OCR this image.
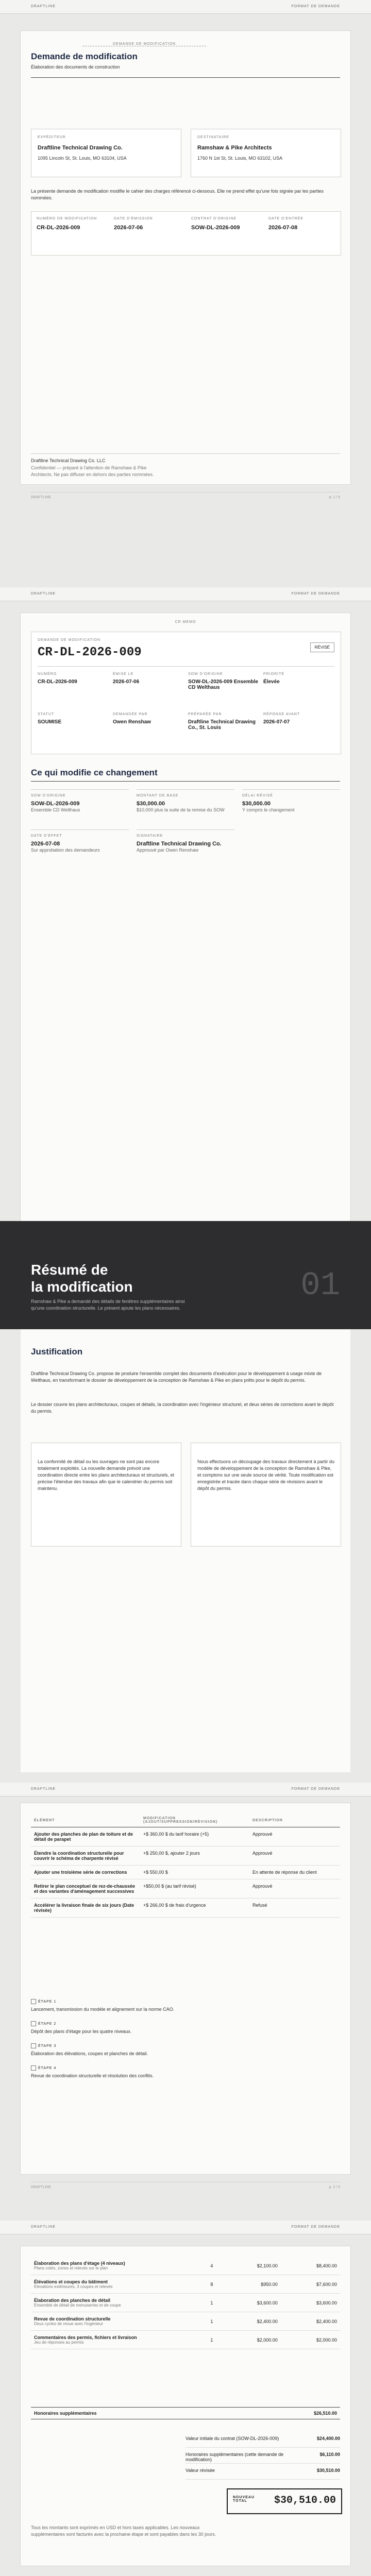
DRAFTLINE	FORMAT DE DEMANDE
DEMANDE DE MODIFICATION
Demande de modification
Élaboration des documents de construction
EXPÉDITEUR
Draftline Technical Drawing Co.
1095 Lincoln St, St. Louis, MO 63104, USA
DESTINATAIRE
Ramshaw & Pike Architects
1760 N 1st St, St. Louis, MO 63102, USA
La présente demande de modification modifie le cahier des charges référencé ci-dessous. Elle ne prend effet qu'une fois signée par les parties nommées.
NUMÉRO DE MODIFICATION
CR-DL-2026-009
DATE D'ÉMISSION
2026-07-06
CONTRAT D'ORIGINE
SOW-DL-2026-009
DATE D'ENTRÉE
2026-07-08
Draftline Technical Drawing Co. LLC
Confidentiel — préparé à l'attention de Ramshaw & Pike
Architects. Ne pas diffuser en dehors des parties nommées.
DRAFTLINE	p. 1 / 5
DRAFTLINE	FORMAT DE DEMANDE
CR MEMO
DEMANDE DE MODIFICATION
CR-DL-2026-009	RÉVISÉ
NUMÉRO
CR-DL-2026-009
ÉMISE LE
2026-07-06
SOW D'ORIGINE
SOW-DL-2026-009 Ensemble CD Welthaus
PRIORITÉ
Élevée
STATUT
SOUMISE
DEMANDÉE PAR
Owen Renshaw
PRÉPARÉE PAR
Draftline Technical Drawing Co., St. Louis
RÉPONSE AVANT
2026-07-07
Ce qui modifie ce changement
SOW D'ORIGINE
SOW-DL-2026-009
Ensemble CD Welthaus
MONTANT DE BASE
$30,000.00
$10,000 plus la suite de la remise du SOW
DÉLAI RÉVISÉ
$30,000.00
Y compris le changement
DATE D'EFFET
2026-07-08
Sur approbation des demandeurs
SIGNATAIRE
Draftline Technical Drawing Co.
Approuvé par Owen Renshaw
Résumé de
la modification
Ramshaw & Pike a demandé des détails de fenêtres supplémentaires ainsi qu'une coordination structurelle. Le présent ajoute les plans nécessaires.
01
Justification
Draftline Technical Drawing Co. propose de produire l'ensemble complet des documents d'exécution pour le développement à usage mixte de Welthaus, en transformant le dossier de développement de la conception de Ramshaw & Pike en plans prêts pour le dépôt du permis.
Le dossier couvre les plans architecturaux, coupes et détails, la coordination avec l'ingénieur structurel, et deux séries de corrections avant le dépôt du permis.
La conformité de détail ou les ouvrages ne sont pas encore totalement exploités. La nouvelle demande prévoit une coordination directe entre les plans architecturaux et structurels, et précise l'étendue des travaux afin que le calendrier du permis soit maintenu.
Nous effectuons un découpage des travaux directement à partir du modèle de développement de la conception de Ramshaw & Pike, et comptons sur une seule source de vérité. Toute modification est enregistrée et tracée dans chaque série de révisions avant le dépôt du permis.
DRAFTLINE	FORMAT DE DEMANDE
ÉLÉMENT	MODIFICATION (AJOUT/SUPPRESSION/RÉVISION)	DESCRIPTION
Ajouter des planches de plan de toiture et de détail de parapet	+$ 360,00 $ du tarif horaire (+5)	Approuvé
Étendre la coordination structurelle pour couvrir le schéma de charpente révisé	+$ 250,00 $, ajouter 2 jours	Approuvé
Ajouter une troisième série de corrections	+$ 550,00 $	En attente de réponse du client
Retirer le plan conceptuel de rez-de-chaussée et des variantes d'aménagement successives	+$50,00 $ (au tarif révisé)	Approuvé
Accélérer la livraison finale de six jours (Date révisée)	+$ 266,00 $ de frais d'urgence	Refusé
ÉTAPE 1
Lancement, transmission du modèle et alignement sur la norme CAO.
ÉTAPE 2
Dépôt des plans d'étage pour les quatre niveaux.
ÉTAPE 3
Élaboration des élévations, coupes et planches de détail.
ÉTAPE 4
Revue de coordination structurelle et résolution des conflits.
DRAFTLINE	p. 2 / 5
DRAFTLINE	FORMAT DE DEMANDE
Élaboration des plans d'étage (4 niveaux)
Plans cotés, zones et relevés sur le plan	4	$2,100.00	$8,400.00

Élévations et coupes du bâtiment
Elevations extérieures, 3 coupes et relevés	8	$950.00	$7,600.00

Élaboration des planches de détail
Ensemble de détail de menuiseries et de coupe	1	$3,600.00	$3,600.00

Revue de coordination structurelle
Deux cycles de revue avec l'ingénieur	1	$2,400.00	$2,400.00

Commentaires des permis, fichiers et livraison
Jeu de réponses au permis	1	$2,000.00	$2,000.00
Honoraires supplémentaires	$26,510.00
Valeur initiale du contrat (SOW-DL-2026-009)	$24,400.00
Honoraires supplémentaires (cette demande de modification)
$6,110.00
Valeur révisée	$30,510.00
NOUVEAU TOTAL	$30,510.00
Tous les montants sont exprimés en USD et hors taxes applicables. Les nouveaux supplémentaires sont facturés avec la prochaine étape et sont payables dans les 30 jours.
